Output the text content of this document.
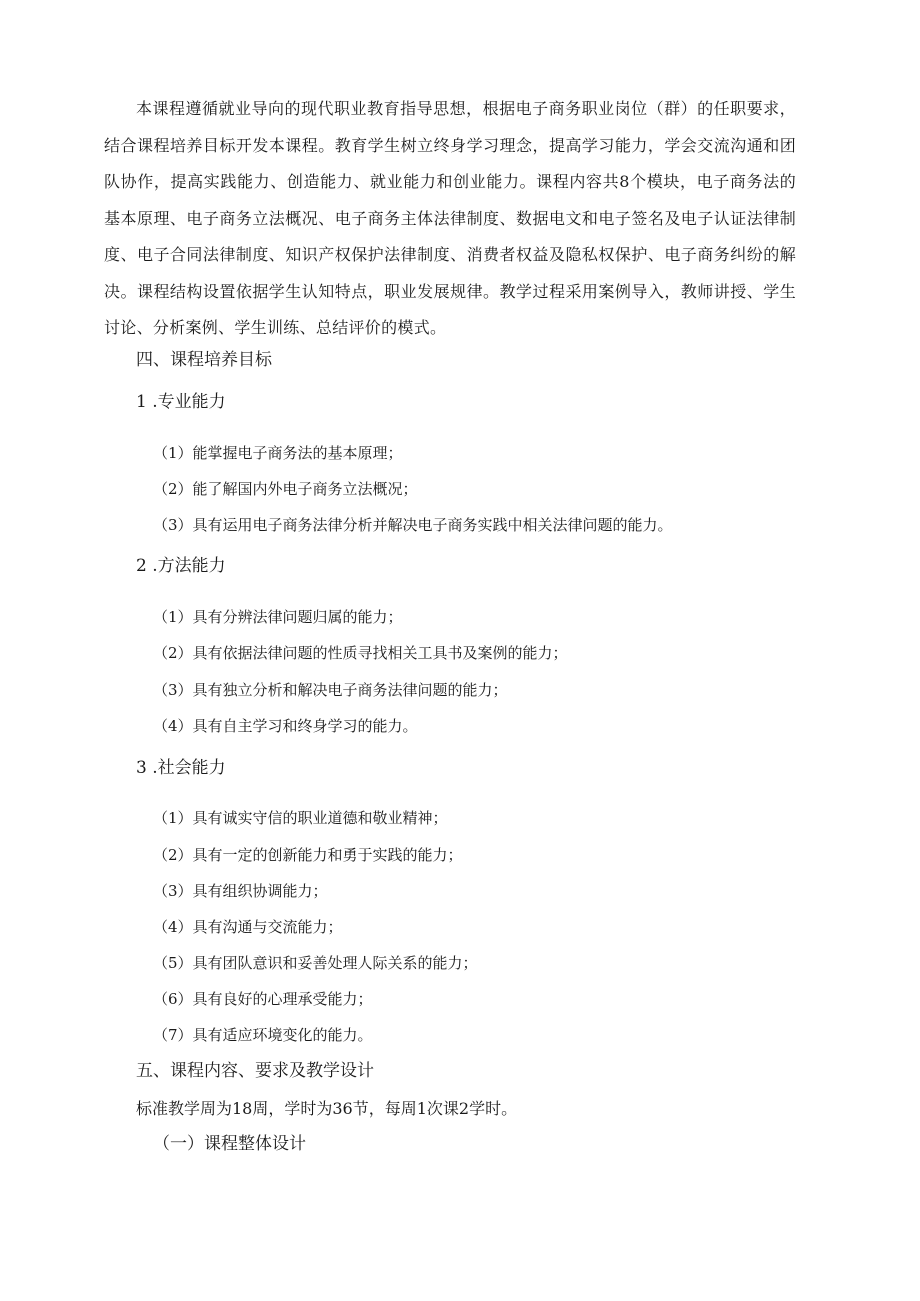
本课程遵循就业导向的现代职业教育指导思想，根据电子商务职业岗位（群）的任职要求，结合课程培养目标开发本课程。教育学生树立终身学习理念，提高学习能力，学会交流沟通和团队协作，提高实践能力、创造能力、就业能力和创业能力。课程内容共8个模块，电子商务法的基本原理、电子商务立法概况、电子商务主体法律制度、数据电文和电子签名及电子认证法律制度、电子合同法律制度、知识产权保护法律制度、消费者权益及隐私权保护、电子商务纠纷的解决。课程结构设置依据学生认知特点，职业发展规律。教学过程采用案例导入，教师讲授、学生讨论、分析案例、学生训练、总结评价的模式。

四、课程培养目标

1 .专业能力

（1）能掌握电子商务法的基本原理；

（2）能了解国内外电子商务立法概况；

（3）具有运用电子商务法律分析并解决电子商务实践中相关法律问题的能力。

2 .方法能力

（1）具有分辨法律问题归属的能力；

（2）具有依据法律问题的性质寻找相关工具书及案例的能力；

（3）具有独立分析和解决电子商务法律问题的能力；

（4）具有自主学习和终身学习的能力。

3 .社会能力

（1）具有诚实守信的职业道德和敬业精神；

（2）具有一定的创新能力和勇于实践的能力；

（3）具有组织协调能力；

（4）具有沟通与交流能力；

（5）具有团队意识和妥善处理人际关系的能力；

（6）具有良好的心理承受能力；

（7）具有适应环境变化的能力。

五、课程内容、要求及教学设计

标准教学周为18周，学时为36节，每周1次课2学时。

（一）课程整体设计
